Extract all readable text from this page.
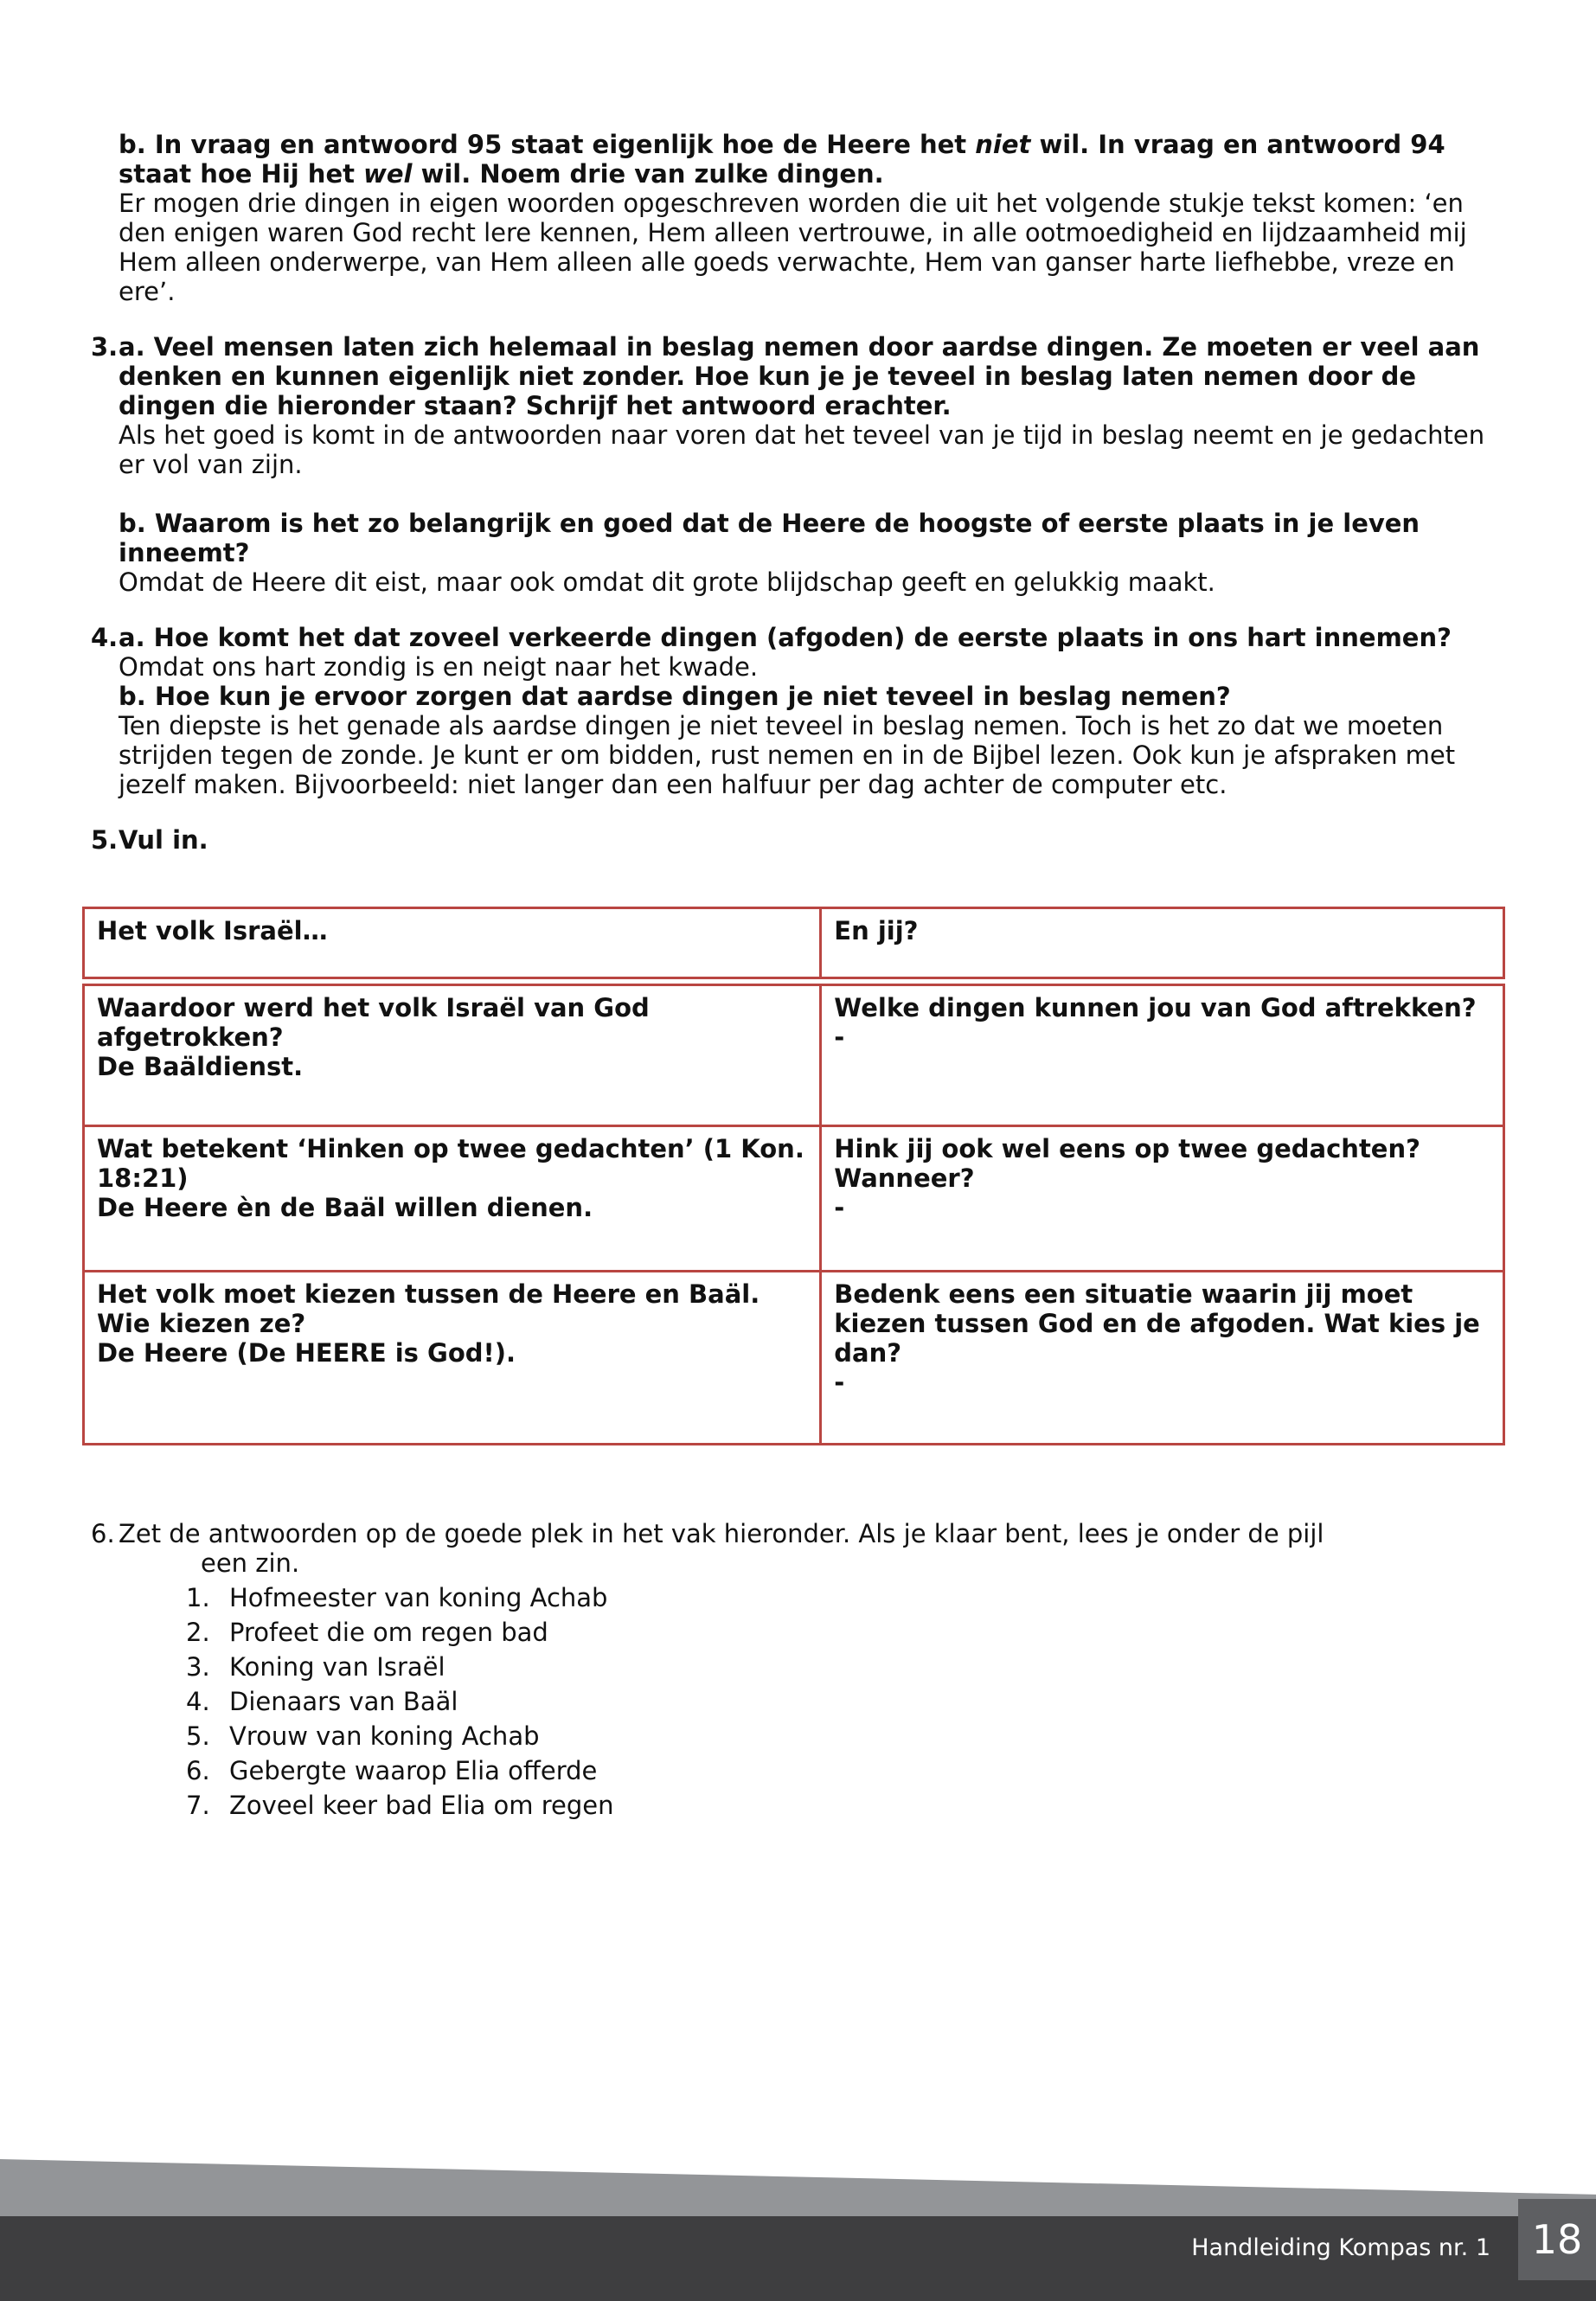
b. In vraag en antwoord 95 staat eigenlijk hoe de Heere het niet wil. In vraag en antwoord 94 staat hoe Hij het wel wil. Noem drie van zulke dingen.

Er mogen drie dingen in eigen woorden opgeschreven worden die uit het volgende stukje tekst komen: ‘en den enigen waren God recht lere kennen, Hem alleen vertrouwe, in alle ootmoedigheid en lijdzaamheid mij Hem alleen onderwerpe, van Hem alleen alle goeds verwachte, Hem van ganser harte liefhebbe, vreze en ere’.

3. a. Veel mensen laten zich helemaal in beslag nemen door aardse dingen. Ze moeten er veel aan denken en kunnen eigenlijk niet zonder. Hoe kun je je teveel in beslag laten nemen door de dingen die hieronder staan? Schrijf het antwoord erachter.

Als het goed is komt in de antwoorden naar voren dat het teveel van je tijd in beslag neemt en je gedachten er vol van zijn.

b. Waarom is het zo belangrijk en goed dat de Heere de hoogste of eerste plaats in je leven inneemt?

Omdat de Heere dit eist, maar ook omdat dit grote blijdschap geeft en gelukkig maakt.

4. a. Hoe komt het dat zoveel verkeerde dingen (afgoden) de eerste plaats in ons hart innemen?

Omdat ons hart zondig is en neigt naar het kwade.

b. Hoe kun je ervoor zorgen dat aardse dingen je niet teveel in beslag nemen?

Ten diepste is het genade als aardse dingen je niet teveel in beslag nemen. Toch is het zo dat we moeten strijden tegen de zonde. Je kunt er om bidden, rust nemen en in de Bijbel lezen. Ook kun je afspraken met jezelf maken. Bijvoorbeeld: niet langer dan een halfuur per dag achter de computer etc.

5. Vul in.

Het volk Israël…	En jij?
Waardoor werd het volk Israël van God afgetrokken?
De Baäldienst.
Welke dingen kunnen jou van God aftrekken?
-
Wat betekent ‘Hinken op twee gedachten’ (1 Kon. 18:21)
De Heere èn de Baäl willen dienen.
Hink jij ook wel eens op twee gedachten? Wanneer?
-
Het volk moet kiezen tussen de Heere en Baäl. Wie kiezen ze?
De Heere (De HEERE is God!).
Bedenk eens een situatie waarin jij moet kiezen tussen God en de afgoden. Wat kies je dan?
-
6. Zet de antwoorden op de goede plek in het vak hieronder. Als je klaar bent, lees je onder de pijl

een zin.

1. Hofmeester van koning Achab
2. Profeet die om regen bad
3. Koning van Israël
4. Dienaars van Baäl
5. Vrouw van koning Achab
6. Gebergte waarop Elia offerde
7. Zoveel keer bad Elia om regen
Handleiding Kompas nr. 1 18
